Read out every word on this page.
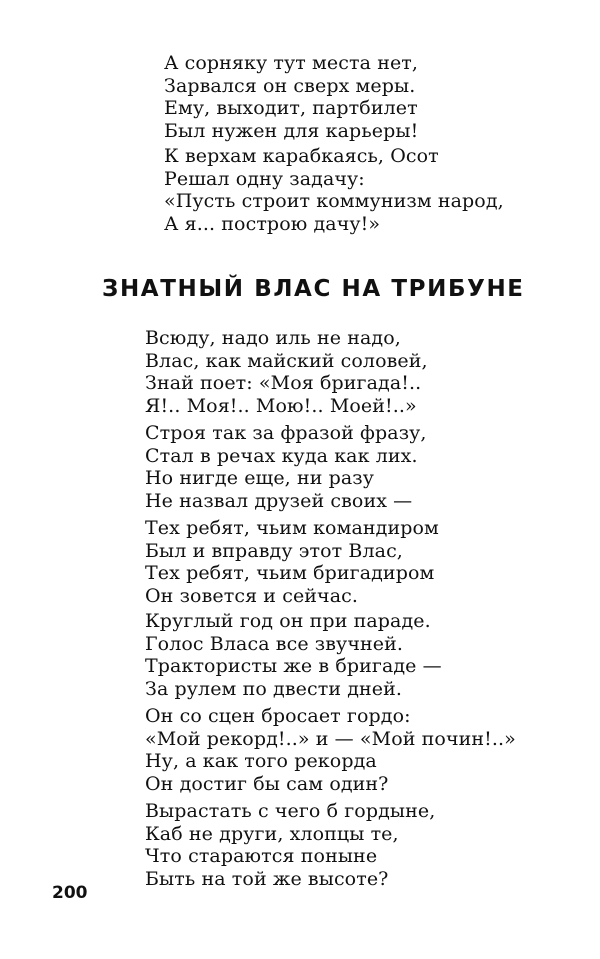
А сорняку тут места нет,
Зарвался он сверх меры.
Ему, выходит, партбилет
Был нужен для карьеры!
К верхам карабкаясь, Осот
Решал одну задачу:
«Пусть строит коммунизм народ,
А я... построю дачу!»
ЗНАТНЫЙ ВЛАС НА ТРИБУНЕ
Всюду, надо иль не надо,
Влас, как майский соловей,
Знай поет: «Моя бригада!..
Я!.. Моя!.. Мою!.. Моей!..»
Строя так за фразой фразу,
Стал в речах куда как лих.
Но нигде еще, ни разу
Не назвал друзей своих —
Тех ребят, чьим командиром
Был и вправду этот Влас,
Тех ребят, чьим бригадиром
Он зовется и сейчас.
Круглый год он при параде.
Голос Власа все звучней.
Трактористы же в бригаде —
За рулем по двести дней.
Он со сцен бросает гордо:
«Мой рекорд!..» и — «Мой почин!..»
Ну, а как того рекорда
Он достиг бы сам один?
Вырастать с чего б гордыне,
Каб не други, хлопцы те,
Что стараются поныне
Быть на той же высоте?
200
